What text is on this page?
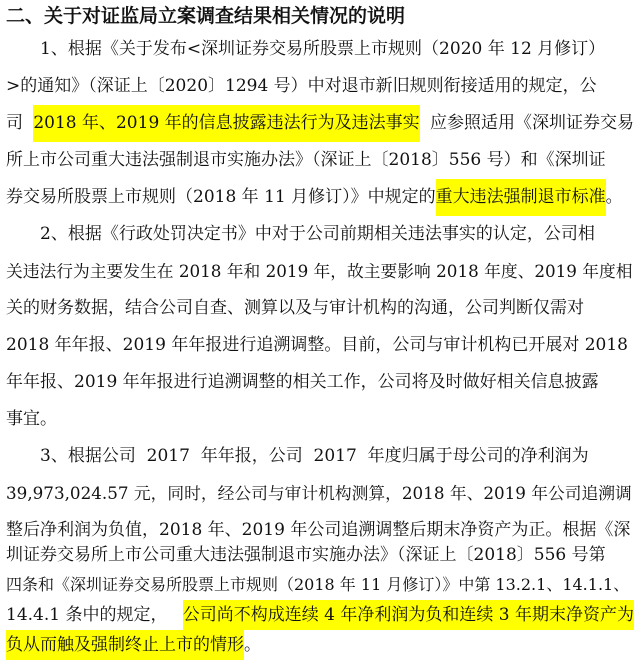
二、关于对证监局立案调查结果相关情况的说明
1、根据《关于发布<深圳证券交易所股票上市规则（2020 年 12 月修订）
>的通知》（深证上〔2020〕1294 号）中对退市新旧规则衔接适用的规定，公
司 2018 年、2019 年的信息披露违法行为及违法事实 应参照适用《深圳证券交易
所上市公司重大违法强制退市实施办法》（深证上〔2018〕556 号）和《深圳证
券交易所股票上市规则（2018 年 11 月修订）》中规定的 重大违法强制退市标准 。
2、根据《行政处罚决定书》中对于公司前期相关违法事实的认定，公司相
关违法行为主要发生在 2018 年和 2019 年，故主要影响 2018 年度、2019 年度相
关的财务数据，结合公司自查、测算以及与审计机构的沟通，公司判断仅需对
2018 年年报、2019 年年报进行追溯调整。目前，公司与审计机构已开展对 2018
年年报、2019 年年报进行追溯调整的相关工作，公司将及时做好相关信息披露
事宜。
3、根据公司  2017  年年报，公司  2017  年度归属于母公司的净利润为
39,973,024.57 元，同时，经公司与审计机构测算，2018 年、2019 年公司追溯调
整后净利润为负值，2018 年、2019 年公司追溯调整后期末净资产为正。根据《深
圳证券交易所上市公司重大违法强制退市实施办法》（深证上〔2018〕556 号第
四条和《深圳证券交易所股票上市规则（2018 年 11 月修订）》中第 13.2.1、14.1.1、
14.4.1 条中的规定， 公司尚不构成连续 4 年净利润为负和连续 3 年期末净资产为
负从而触及强制终止上市的情形 。
